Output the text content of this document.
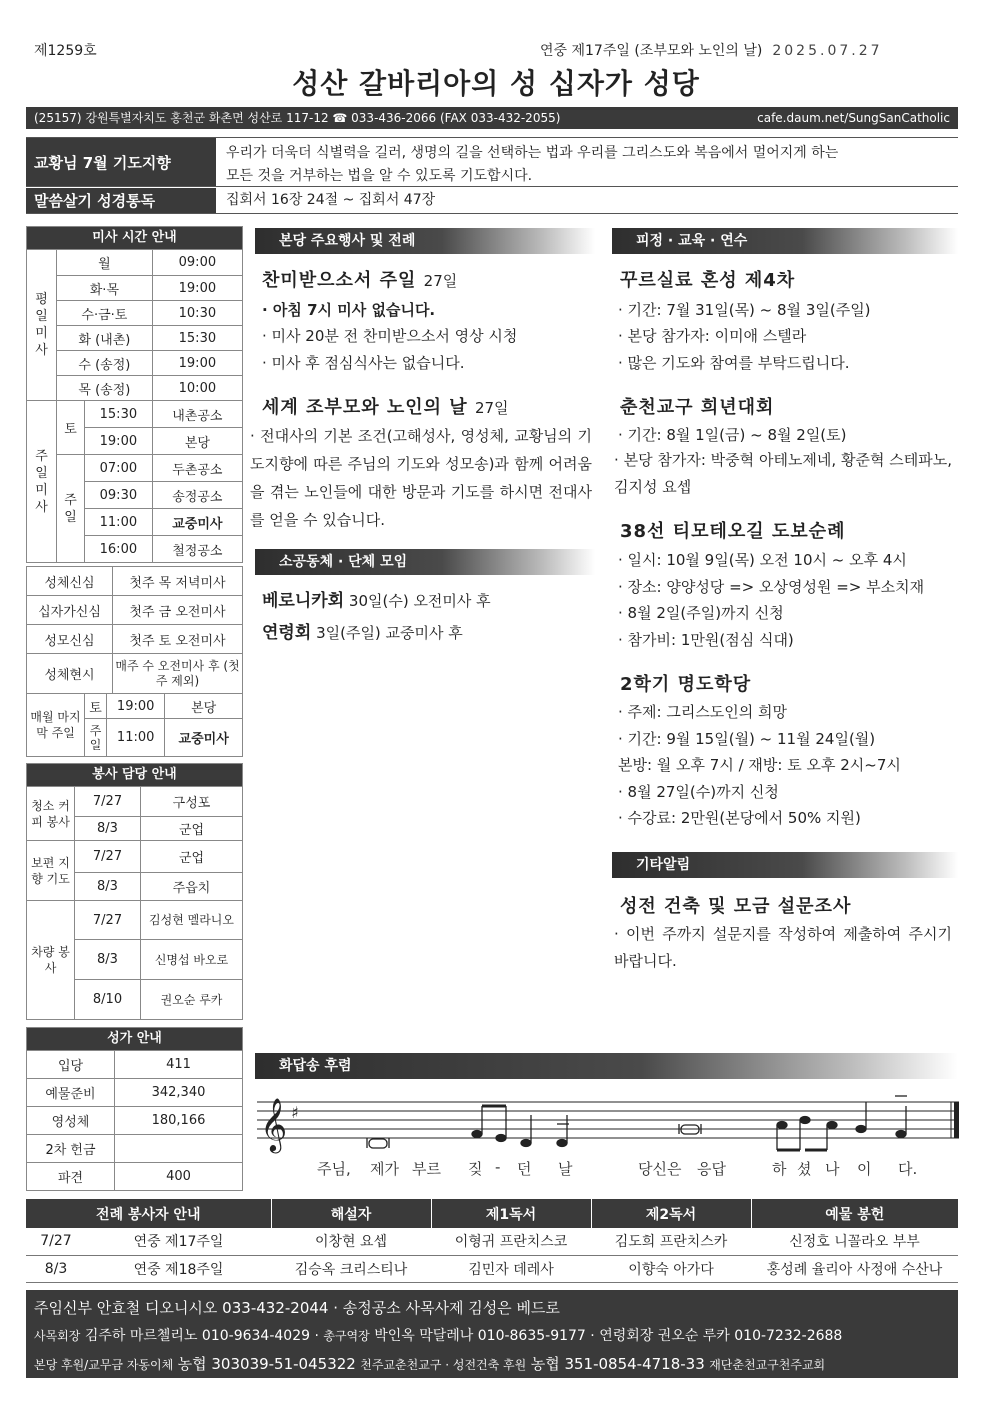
제1259호	연중 제17주일 (조부모와 노인의 날) 2025.07.27
성산 갈바리아의 성 십자가 성당
(25157) 강원특별자치도 홍천군 화촌면 성산로 117-12 ☎ 033-436-2066 (FAX 033-432-2055)	cafe.daum.net/SungSanCatholic
교황님 7월 기도지향
우리가 더욱더 식별력을 길러, 생명의 길을 선택하는 법과 우리를 그리스도와 복음에서 멀어지게 하는
모든 것을 거부하는 법을 알 수 있도록 기도합시다.
말씀살기 성경통독	집회서 16장 24절 ~ 집회서 47장
미사 시간 안내			
평일미사	월		09:00
	화·목		19:00
	수·금·토		10:30
	화 (내촌)		15:30
	수 (송정)		19:00
	목 (송정)		10:00
주일미사	토	15:30	내촌공소
		19:00	본당
	주일	07:00	두촌공소
		09:30	송정공소
		11:00	교중미사
		16:00	철정공소
성체신심	첫주 목 저녁미사
십자가신심	첫주 금 오전미사
성모신심	첫주 토 오전미사
성체현시	매주 수 오전미사 후 (첫 주 제외)
매월 마지막 주일	토	19:00	본당
	주일	11:00	교중미사
봉사 담당 안내		
청소 커피 봉사	7/27	구성포
	8/3	군업
보편 지향 기도	7/27	군업
	8/3	주읍치
차량 봉사	7/27	김성현 멜라니오
	8/3	신명섭 바오로
	8/10	권오순 루카
성가 안내	
입당	411
예물준비	342,340
영성체	180,166
2차 헌금	
파견	400
본당 주요행사 및 전례
찬미받으소서 주일 27일
· 아침 7시 미사 없습니다.
· 미사 20분 전 찬미받으소서 영상 시청
· 미사 후 점심식사는 없습니다.
세계 조부모와 노인의 날 27일
· 전대사의 기본 조건(고해성사, 영성체, 교황님의 기도지향에 따른 주님의 기도와 성모송)과 함께 어려움을 겪는 노인들에 대한 방문과 기도를 하시면 전대사를 얻을 수 있습니다.
소공동체 · 단체 모임
베로니카회 30일(수) 오전미사 후
연령회 3일(주일) 교중미사 후
피정 · 교육 · 연수
꾸르실료 혼성 제4차
· 기간: 7월 31일(목) ~ 8월 3일(주일)
· 본당 참가자: 이미애 스텔라
· 많은 기도와 참여를 부탁드립니다.
춘천교구 희년대회
· 기간: 8월 1일(금) ~ 8월 2일(토)
· 본당 참가자: 박중혁 아테노제네, 황준혁 스테파노, 김지성 요셉
38선 티모테오길 도보순례
· 일시: 10월 9일(목) 오전 10시 ~ 오후 4시
· 장소: 양양성당 => 오상영성원 => 부소치재
· 8월 2일(주일)까지 신청
· 참가비: 1만원(점심 식대)
2학기 명도학당
· 주제: 그리스도인의 희망
· 기간: 9월 15일(월) ~ 11월 24일(월)
본방: 월 오후 7시 / 재방: 토 오후 2시~7시
· 8월 27일(수)까지 신청
· 수강료: 2만원(본당에서 50% 지원)
기타알림
성전 건축 및 모금 설문조사
· 이번 주까지 설문지를 작성하여 제출하여 주시기 바랍니다.
화답송 후렴
𝄞 ♯
주님, 제가 부르 짖 - 던 날	당신은 응답	하 셨 나 이 다.
전례 봉사자 안내		해설자	제1독서	제2독서	예물 봉헌
7/27	연중 제17주일	이창현 요셉	이형귀 프란치스코	김도희 프란치스카	신정호 니꼴라오 부부
8/3	연중 제18주일	김승옥 크리스티나	김민자 데레사	이향숙 아가다	홍성례 율리아 사정애 수산나
주임신부 안효철 디오니시오 033-432-2044 · 송정공소 사목사제 김성은 베드로
사목회장 김주하 마르첼리노 010-9634-4029 · 총구역장 박인옥 막달레나 010-8635-9177 · 연령회장 권오순 루카 010-7232-2688
본당 후원/교무금 자동이체 농협 303039-51-045322 천주교춘천교구 · 성전건축 후원 농협 351-0854-4718-33 재단춘천교구천주교회
